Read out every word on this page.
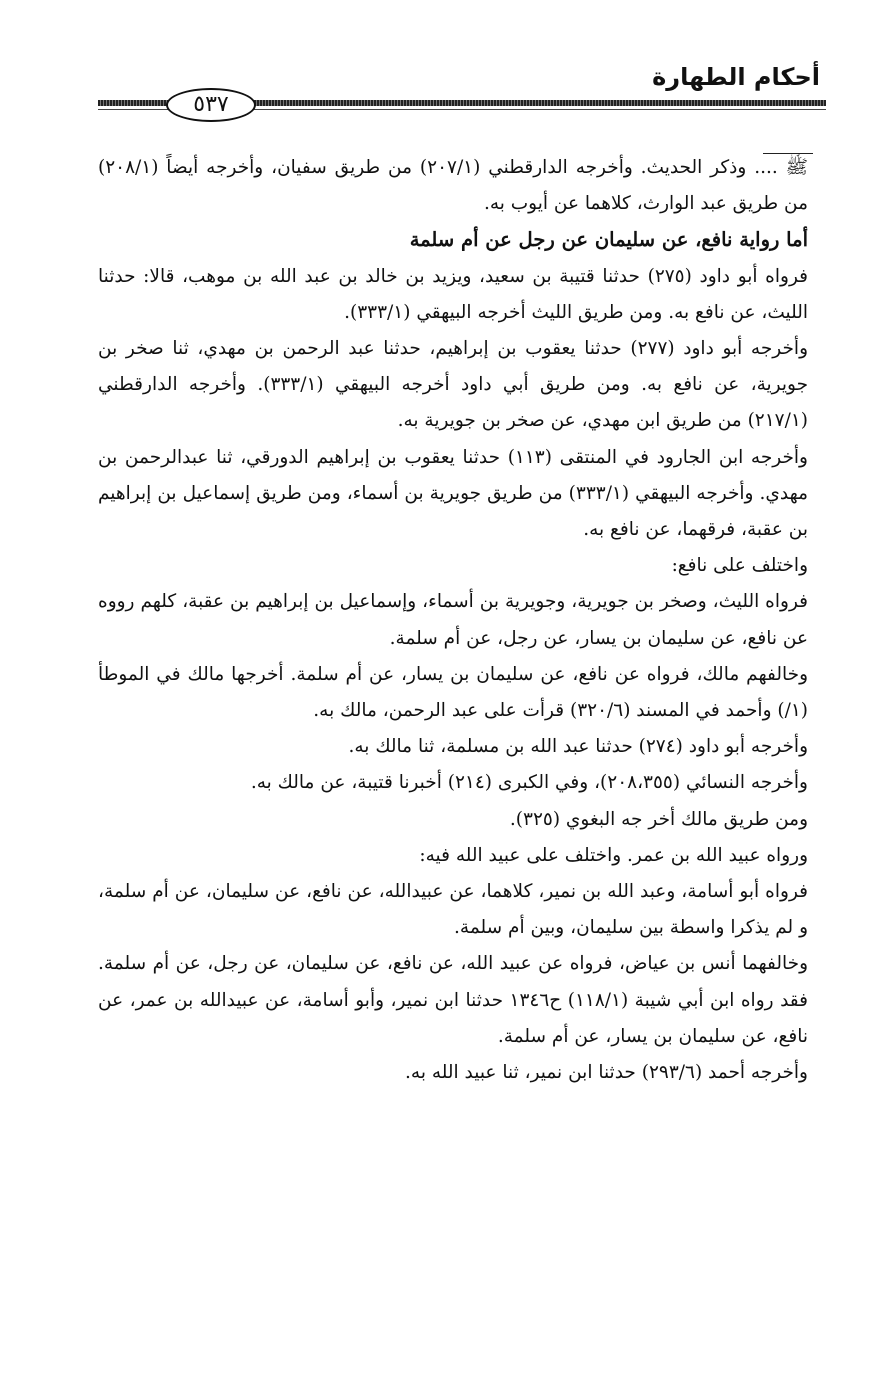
أحكام الطهارة
٥٣٧

ﷺ .... وذكر الحديث. وأخرجه الدارقطني (٢٠٧/١) من طريق سفيان، وأخرجه أيضاً (٢٠٨/١) من طريق عبد الوارث، كلاهما عن أيوب به.

أما رواية نافع، عن سليمان عن رجل عن أم سلمة

فرواه أبو داود (٢٧٥) حدثنا قتيبة بن سعيد، ويزيد بن خالد بن عبد الله بن موهب، قالا: حدثنا الليث، عن نافع به. ومن طريق الليث أخرجه البيهقي (٣٣٣/١).

وأخرجه أبو داود (٢٧٧) حدثنا يعقوب بن إبراهيم، حدثنا عبد الرحمن بن مهدي، ثنا صخر بن جويرية، عن نافع به. ومن طريق أبي داود أخرجه البيهقي (٣٣٣/١). وأخرجه الدارقطني (٢١٧/١) من طريق ابن مهدي، عن صخر بن جويرية به.

وأخرجه ابن الجارود في المنتقى (١١٣) حدثنا يعقوب بن إبراهيم الدورقي، ثنا عبدالرحمن بن مهدي. وأخرجه البيهقي (٣٣٣/١) من طريق جويرية بن أسماء، ومن طريق إسماعيل بن إبراهيم بن عقبة، فرقهما، عن نافع به.

واختلف على نافع:

فرواه الليث، وصخر بن جويرية، وجويرية بن أسماء، وإسماعيل بن إبراهيم بن عقبة، كلهم رووه عن نافع، عن سليمان بن يسار، عن رجل، عن أم سلمة.

وخالفهم مالك، فرواه عن نافع، عن سليمان بن يسار، عن أم سلمة. أخرجها مالك في الموطأ (١/) وأحمد في المسند (٣٢٠/٦) قرأت على عبد الرحمن، مالك به.

وأخرجه أبو داود (٢٧٤) حدثنا عبد الله بن مسلمة، ثنا مالك به.

وأخرجه النسائي (٢٠٨،٣٥٥)، وفي الكبرى (٢١٤) أخبرنا قتيبة، عن مالك به.

ومن طريق مالك أخر جه البغوي (٣٢٥).

ورواه عبيد الله بن عمر. واختلف على عبيد الله فيه:

فرواه أبو أسامة، وعبد الله بن نمير، كلاهما، عن عبيدالله، عن نافع، عن سليمان، عن أم سلمة، و لم يذكرا واسطة بين سليمان، وبين أم سلمة.

وخالفهما أنس بن عياض، فرواه عن عبيد الله، عن نافع، عن سليمان، عن رجل، عن أم سلمة. فقد رواه ابن أبي شيبة (١١٨/١) ح١٣٤٦ حدثنا ابن نمير، وأبو أسامة، عن عبيدالله بن عمر، عن نافع، عن سليمان بن يسار، عن أم سلمة.

وأخرجه أحمد (٢٩٣/٦) حدثنا ابن نمير، ثنا عبيد الله به.
